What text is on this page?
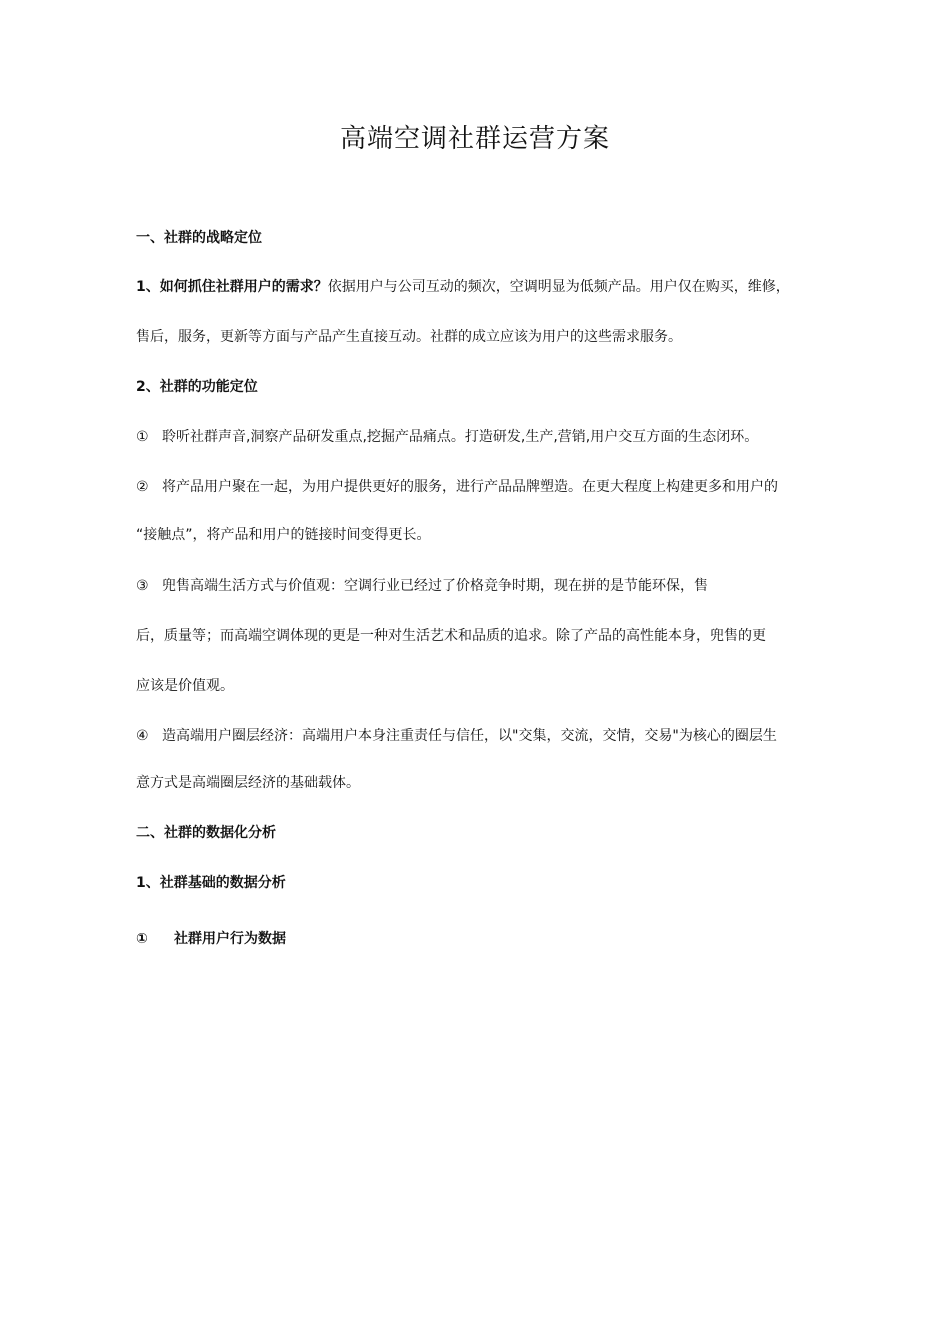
高端空调社群运营方案

一、社群的战略定位

1、如何抓住社群用户的需求？依据用户与公司互动的频次，空调明显为低频产品。用户仅在购买，维修，

售后，服务，更新等方面与产品产生直接互动。社群的成立应该为用户的这些需求服务。

2、社群的功能定位

① 聆听社群声音,洞察产品研发重点,挖掘产品痛点。打造研发,生产,营销,用户交互方面的生态闭环。

② 将产品用户聚在一起，为用户提供更好的服务，进行产品品牌塑造。在更大程度上构建更多和用户的

“接触点”，将产品和用户的链接时间变得更长。

③ 兜售高端生活方式与价值观：空调行业已经过了价格竞争时期，现在拼的是节能环保，售

后，质量等；而高端空调体现的更是一种对生活艺术和品质的追求。除了产品的高性能本身，兜售的更

应该是价值观。

④ 造高端用户圈层经济：高端用户本身注重责任与信任，以"交集，交流，交情，交易"为核心的圈层生

意方式是高端圈层经济的基础载体。

二、社群的数据化分析

1、社群基础的数据分析

① 社群用户行为数据
